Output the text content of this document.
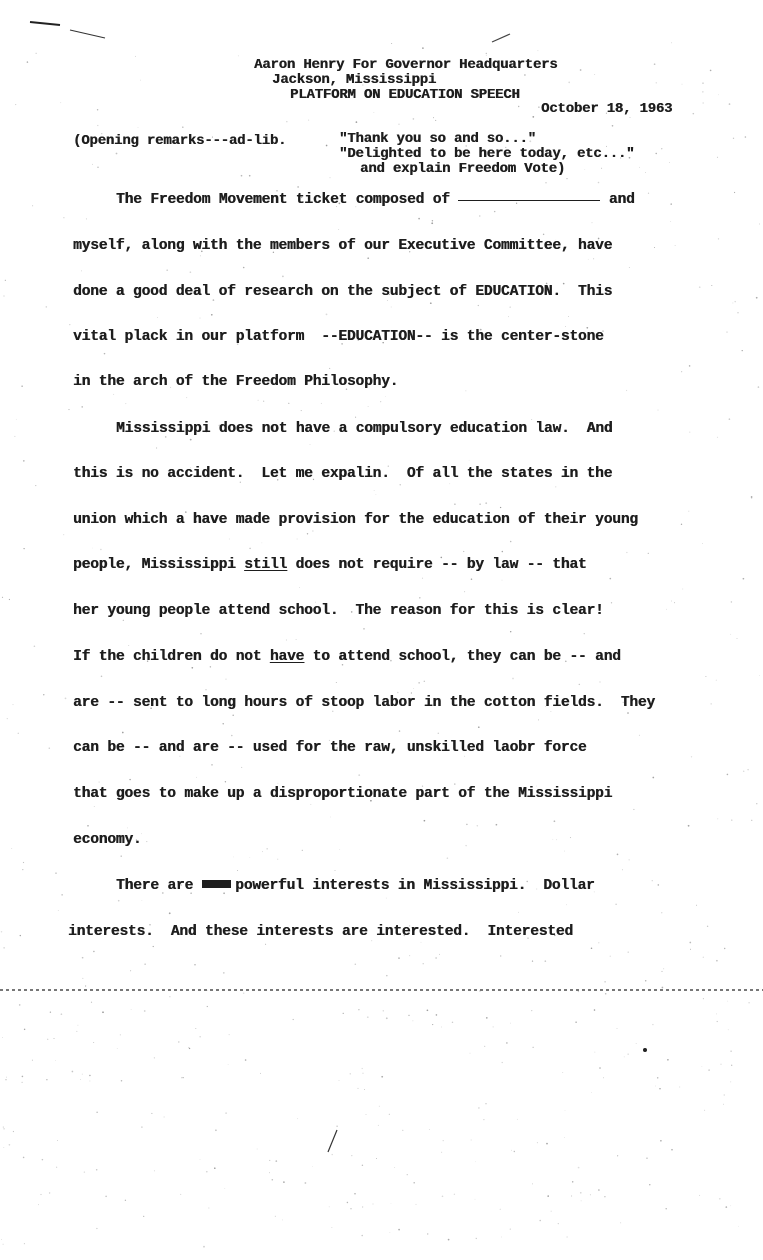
Aaron Henry For Governor Headquarters
Jackson, Mississippi
PLATFORM ON EDUCATION SPEECH
October 18, 1963
(Opening remarks---ad-lib.	"Thank you so and so..."
"Delighted to be here today, etc..."
and explain Freedom Vote)
The Freedom Movement ticket composed of	and
myself, along with the members of our Executive Committee, have
done a good deal of research on the subject of EDUCATION.  This
vital plack in our platform  --EDUCATION-- is the center-stone
in the arch of the Freedom Philosophy.
Mississippi does not have a compulsory education law.  And
this is no accident.  Let me expalin.  Of all the states in the
union which a have made provision for the education of their young
people, Mississippi still does not require -- by law -- that
her young people attend school.  The reason for this is clear!
If the children do not have to attend school, they can be -- and
are -- sent to long hours of stoop labor in the cotton fields.  They
can be -- and are -- used for the raw, unskilled laobr force
that goes to make up a disproportionate part of the Mississippi
economy.
There are  powerful interests in Mississippi.  Dollar
interests.  And these interests are interested.  Interested
